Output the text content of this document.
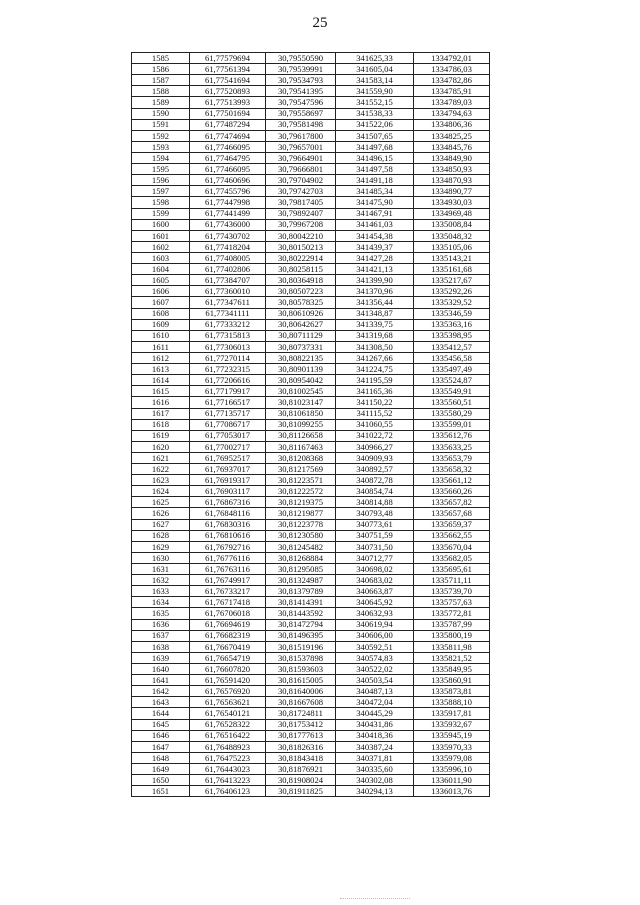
25
1585	61,77579694	30,79550590	341625,33	1334792,01
1586	61,77561394	30,79539991	341605,04	1334786,03
1587	61,77541694	30,79534793	341583,14	1334782,86
1588	61,77520893	30,79541395	341559,90	1334785,91
1589	61,77513993	30,79547596	341552,15	1334789,03
1590	61,77501694	30,79558697	341538,33	1334794,63
1591	61,77487294	30,79581498	341522,06	1334806,36
1592	61,77474694	30,79617800	341507,65	1334825,25
1593	61,77466095	30,79657001	341497,68	1334845,76
1594	61,77464795	30,79664901	341496,15	1334849,90
1595	61,77466095	30,79666801	341497,58	1334850,93
1596	61,77460696	30,79704902	341491,18	1334870,93
1597	61,77455796	30,79742703	341485,34	1334890,77
1598	61,77447998	30,79817405	341475,90	1334930,03
1599	61,77441499	30,79892407	341467,91	1334969,48
1600	61,77436000	30,79967208	341461,03	1335008,84
1601	61,77430702	30,80042210	341454,38	1335048,32
1602	61,77418204	30,80150213	341439,37	1335105,06
1603	61,77408005	30,80222914	341427,28	1335143,21
1604	61,77402806	30,80258115	341421,13	1335161,68
1605	61,77384707	30,80364918	341399,90	1335217,67
1606	61,77360010	30,80507223	341370,96	1335292,26
1607	61,77347611	30,80578325	341356,44	1335329,52
1608	61,77341111	30,80610926	341348,87	1335346,59
1609	61,77333212	30,80642627	341339,75	1335363,16
1610	61,77315813	30,80711129	341319,68	1335398,95
1611	61,77306013	30,80737331	341308,50	1335412,57
1612	61,77270114	30,80822135	341267,66	1335456,58
1613	61,77232315	30,80901139	341224,75	1335497,49
1614	61,77206616	30,80954042	341195,59	1335524,87
1615	61,77179917	30,81002545	341165,36	1335549,91
1616	61,77166517	30,81023147	341150,22	1335560,51
1617	61,77135717	30,81061850	341115,52	1335580,29
1618	61,77086717	30,81099255	341060,55	1335599,01
1619	61,77053017	30,81126658	341022,72	1335612,76
1620	61,77002717	30,81167463	340966,27	1335633,25
1621	61,76952517	30,81208368	340909,93	1335653,79
1622	61,76937017	30,81217569	340892,57	1335658,32
1623	61,76919317	30,81223571	340872,78	1335661,12
1624	61,76903117	30,81222572	340854,74	1335660,26
1625	61,76867316	30,81219375	340814,88	1335657,82
1626	61,76848116	30,81219877	340793,48	1335657,68
1627	61,76830316	30,81223778	340773,61	1335659,37
1628	61,76810616	30,81230580	340751,59	1335662,55
1629	61,76792716	30,81245482	340731,50	1335670,04
1630	61,76776116	30,81268884	340712,77	1335682,05
1631	61,76763116	30,81295085	340698,02	1335695,61
1632	61,76749917	30,81324987	340683,02	1335711,11
1633	61,76733217	30,81379789	340663,87	1335739,70
1634	61,76717418	30,81414391	340645,92	1335757,63
1635	61,76706018	30,81443592	340632,93	1335772,81
1636	61,76694619	30,81472794	340619,94	1335787,99
1637	61,76682319	30,81496395	340606,00	1335800,19
1638	61,76670419	30,81519196	340592,51	1335811,98
1639	61,76654719	30,81537898	340574,83	1335821,52
1640	61,76607820	30,81593603	340522,02	1335849,95
1641	61,76591420	30,81615005	340503,54	1335860,91
1642	61,76576920	30,81640006	340487,13	1335873,81
1643	61,76563621	30,81667608	340472,04	1335888,10
1644	61,76540121	30,81724811	340445,29	1335917,81
1645	61,76528322	30,81753412	340431,86	1335932,67
1646	61,76516422	30,81777613	340418,36	1335945,19
1647	61,76488923	30,81826316	340387,24	1335970,33
1648	61,76475223	30,81843418	340371,81	1335979,08
1649	61,76443023	30,81876921	340335,60	1335996,10
1650	61,76413223	30,81908024	340302,08	1336011,90
1651	61,76406123	30,81911825	340294,13	1336013,76
